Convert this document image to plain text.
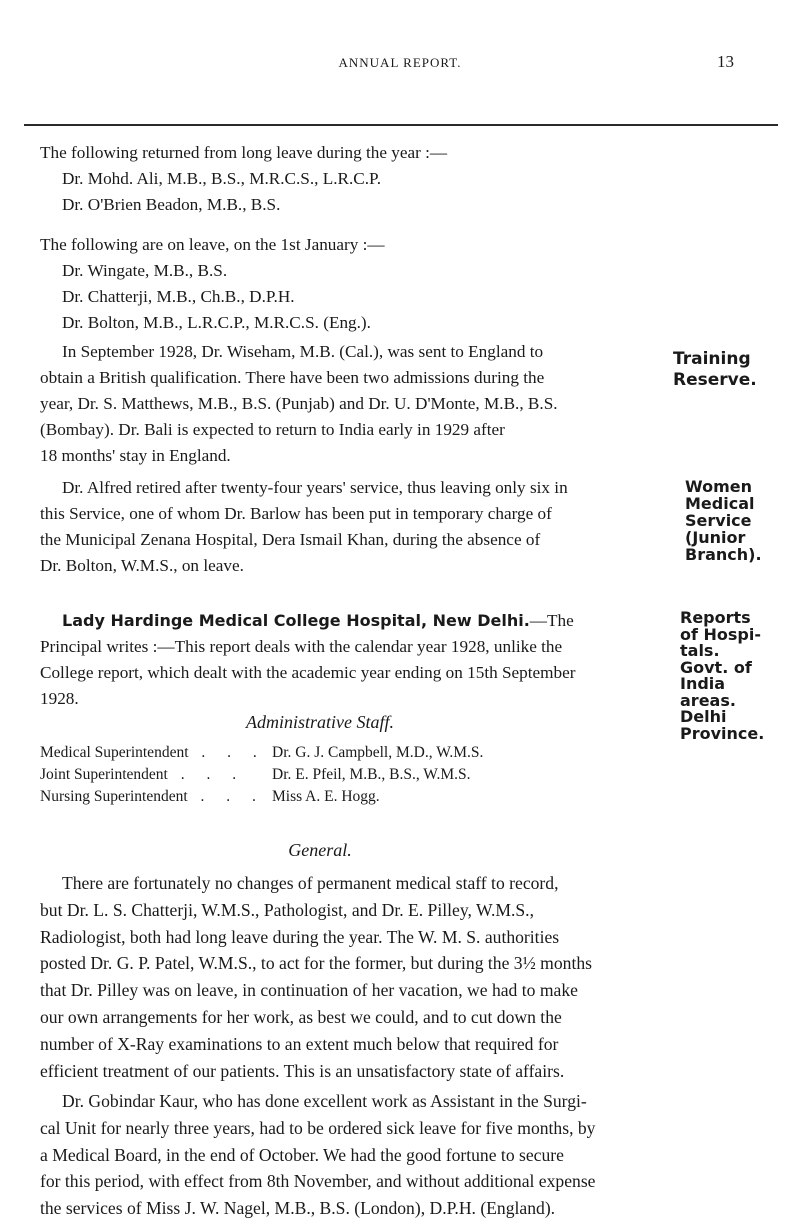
ANNUAL REPORT.	13

The following returned from long leave during the year :—

Dr. Mohd. Ali, M.B., B.S., M.R.C.S., L.R.C.P.

Dr. O'Brien Beadon, M.B., B.S.

The following are on leave, on the 1st January :—

Dr. Wingate, M.B., B.S.

Dr. Chatterji, M.B., Ch.B., D.P.H.

Dr. Bolton, M.B., L.R.C.P., M.R.C.S. (Eng.).

In September 1928, Dr. Wiseham, M.B. (Cal.), was sent to England to

obtain a British qualification. There have been two admissions during the

year, Dr. S. Matthews, M.B., B.S. (Punjab) and Dr. U. D'Monte, M.B., B.S.

(Bombay). Dr. Bali is expected to return to India early in 1929 after

18 months' stay in England.

Training
Reserve.

Dr. Alfred retired after twenty-four years' service, thus leaving only six in

this Service, one of whom Dr. Barlow has been put in temporary charge of

the Municipal Zenana Hospital, Dera Ismail Khan, during the absence of

Dr. Bolton, W.M.S., on leave.

Women
Medical
Service
(Junior
Branch).

Lady Hardinge Medical College Hospital, New Delhi.—The

Principal writes :—This report deals with the calendar year 1928, unlike the

College report, which dealt with the academic year ending on 15th September

1928.

Reports
of Hospi-
tals.
Govt. of
India
areas.
Delhi
Province.
Administrative Staff.
Medical Superintendent . . . Dr. G. J. Campbell, M.D., W.M.S.
Joint Superintendent . . .	Dr. E. Pfeil, M.B., B.S., W.M.S.
Nursing Superintendent . . . Miss A. E. Hogg.
General.

There are fortunately no changes of permanent medical staff to record,

but Dr. L. S. Chatterji, W.M.S., Pathologist, and Dr. E. Pilley, W.M.S.,

Radiologist, both had long leave during the year. The W. M. S. authorities

posted Dr. G. P. Patel, W.M.S., to act for the former, but during the 3½ months

that Dr. Pilley was on leave, in continuation of her vacation, we had to make

our own arrangements for her work, as best we could, and to cut down the

number of X-Ray examinations to an extent much below that required for

efficient treatment of our patients. This is an unsatisfactory state of affairs.

Dr. Gobindar Kaur, who has done excellent work as Assistant in the Surgi-

cal Unit for nearly three years, had to be ordered sick leave for five months, by

a Medical Board, in the end of October. We had the good fortune to secure

for this period, with effect from 8th November, and without additional expense

the services of Miss J. W. Nagel, M.B., B.S. (London), D.P.H. (England).
